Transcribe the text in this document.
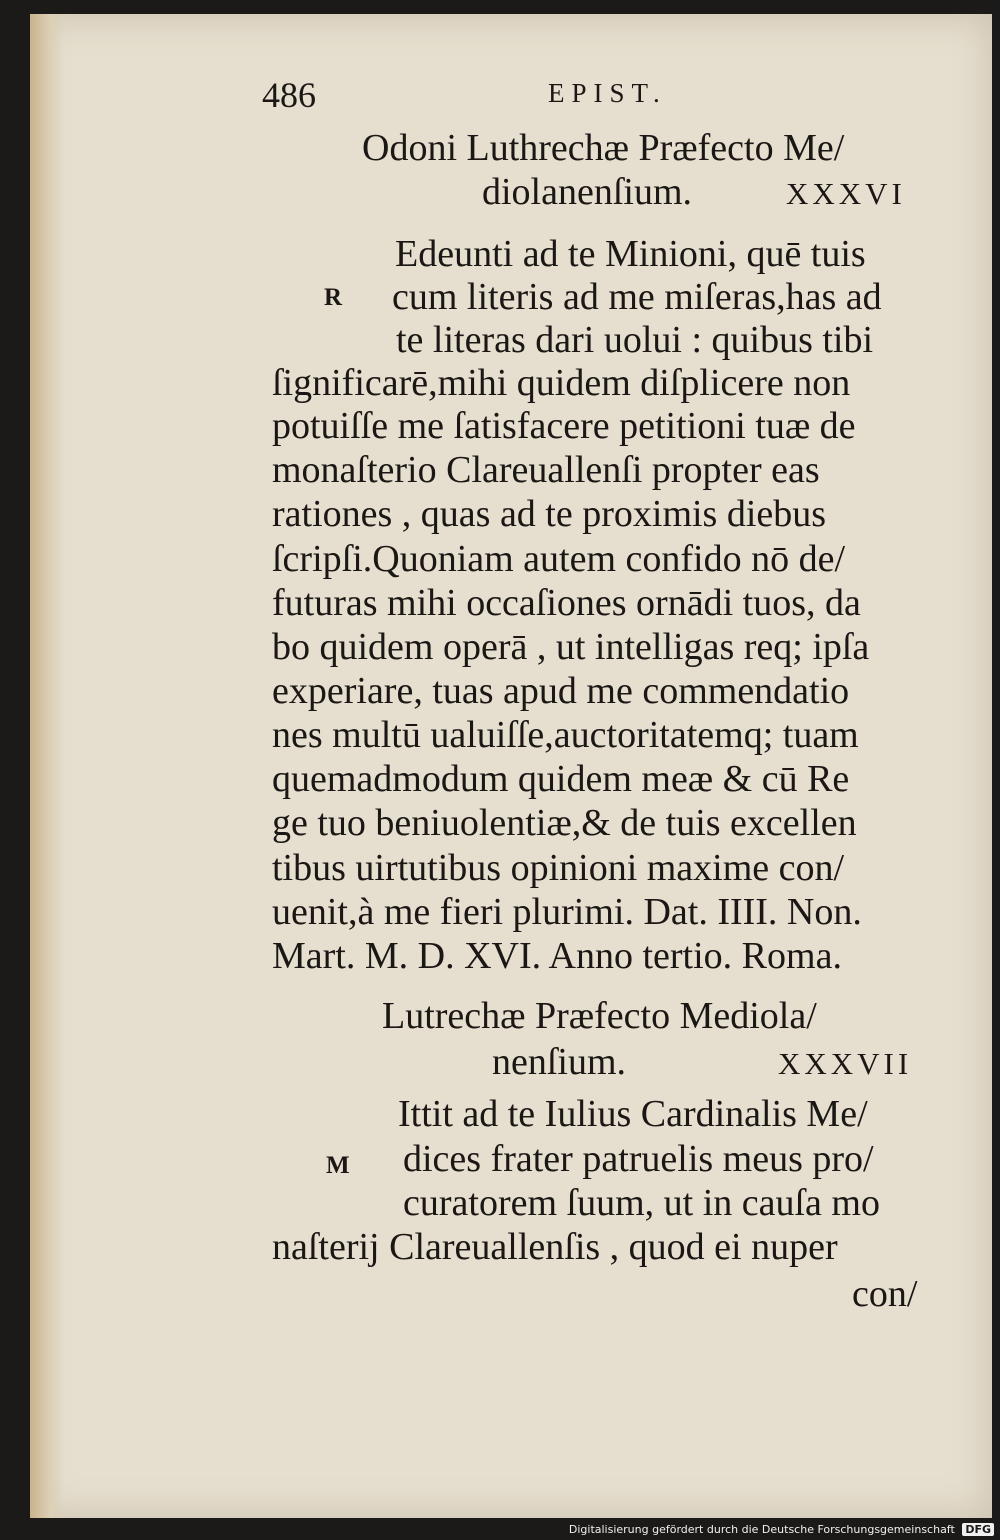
486	EPIST.
Odoni Luthrechæ Præfecto Me/
diolanenſium.	XXXVI
R
Edeunti ad te Minioni, quē tuis
cum literis ad me miſeras,has ad
te literas dari uolui : quibus tibi
ſignificarē,mihi quidem diſplicere non
potuiſſe me ſatisfacere petitioni tuæ de
monaſterio Clareuallenſi propter eas
rationes , quas ad te proximis diebus
ſcripſi.Quoniam autem confido nō de/
futuras mihi occaſiones ornādi tuos, da
bo quidem operā , ut intelligas req; ipſa
experiare, tuas apud me commendatio
nes multū ualuiſſe,auctoritatemq; tuam
quemadmodum quidem meæ & cū Re
ge tuo beniuolentiæ,& de tuis excellen
tibus uirtutibus opinioni maxime con/
uenit,à me fieri plurimi. Dat. IIII. Non.
Mart. M. D. XVI. Anno tertio. Roma.
Lutrechæ Præfecto Mediola/
nenſium.	XXXVII
M
Ittit ad te Iulius Cardinalis Me/
dices frater patruelis meus pro/
curatorem ſuum, ut in cauſa mo
naſterij Clareuallenſis , quod ei nuper
con/
Digitalisierung gefördert durch die Deutsche Forschungsgemeinschaft DFG
